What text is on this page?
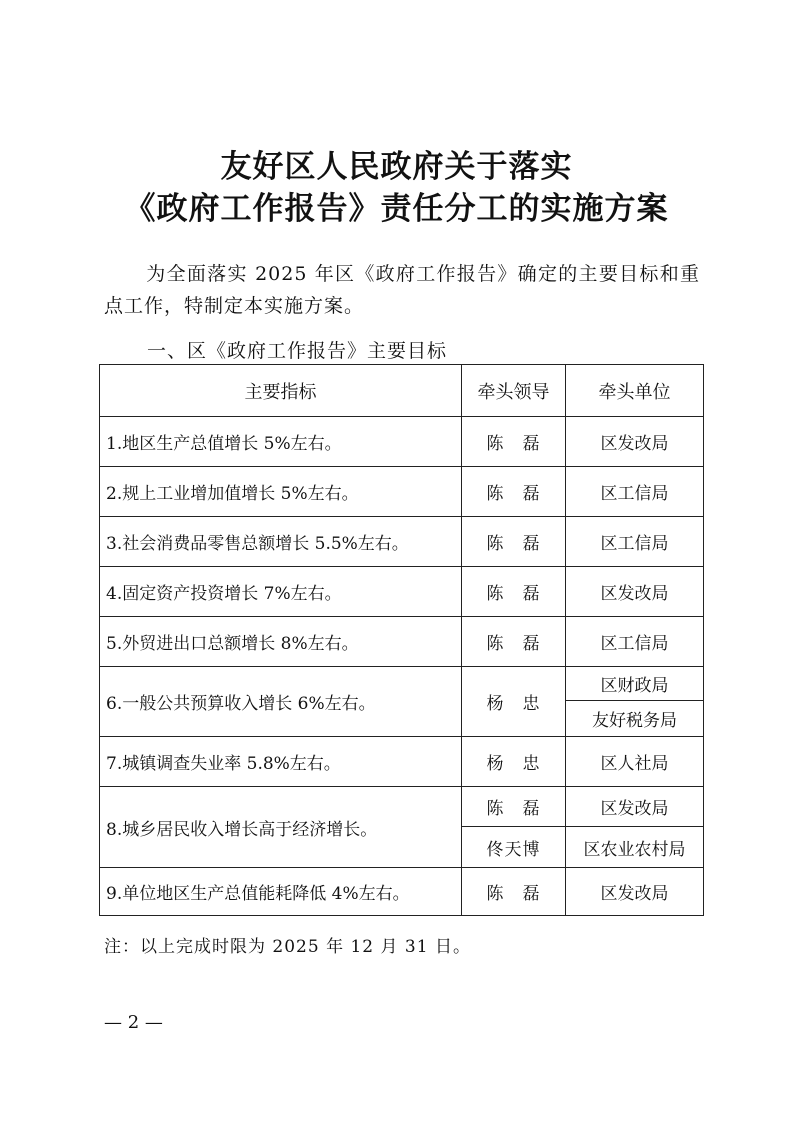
友好区人民政府关于落实
《政府工作报告》责任分工的实施方案
为全面落实 2025 年区《政府工作报告》确定的主要目标和重点工作，特制定本实施方案。
一、区《政府工作报告》主要目标
主要指标	牵头领导	牵头单位
1.地区生产总值增长 5%左右。	陈　磊	区发改局
2.规上工业增加值增长 5%左右。	陈　磊	区工信局
3.社会消费品零售总额增长 5.5%左右。	陈　磊	区工信局
4.固定资产投资增长 7%左右。	陈　磊	区发改局
5.外贸进出口总额增长 8%左右。	陈　磊	区工信局
6.一般公共预算收入增长 6%左右。	杨　忠	区财政局
		友好税务局
7.城镇调查失业率 5.8%左右。	杨　忠	区人社局
8.城乡居民收入增长高于经济增长。	陈　磊	区发改局
	佟天博	区农业农村局
9.单位地区生产总值能耗降低 4%左右。	陈　磊	区发改局
注：以上完成时限为 2025 年 12 月 31 日。
— 2 —
